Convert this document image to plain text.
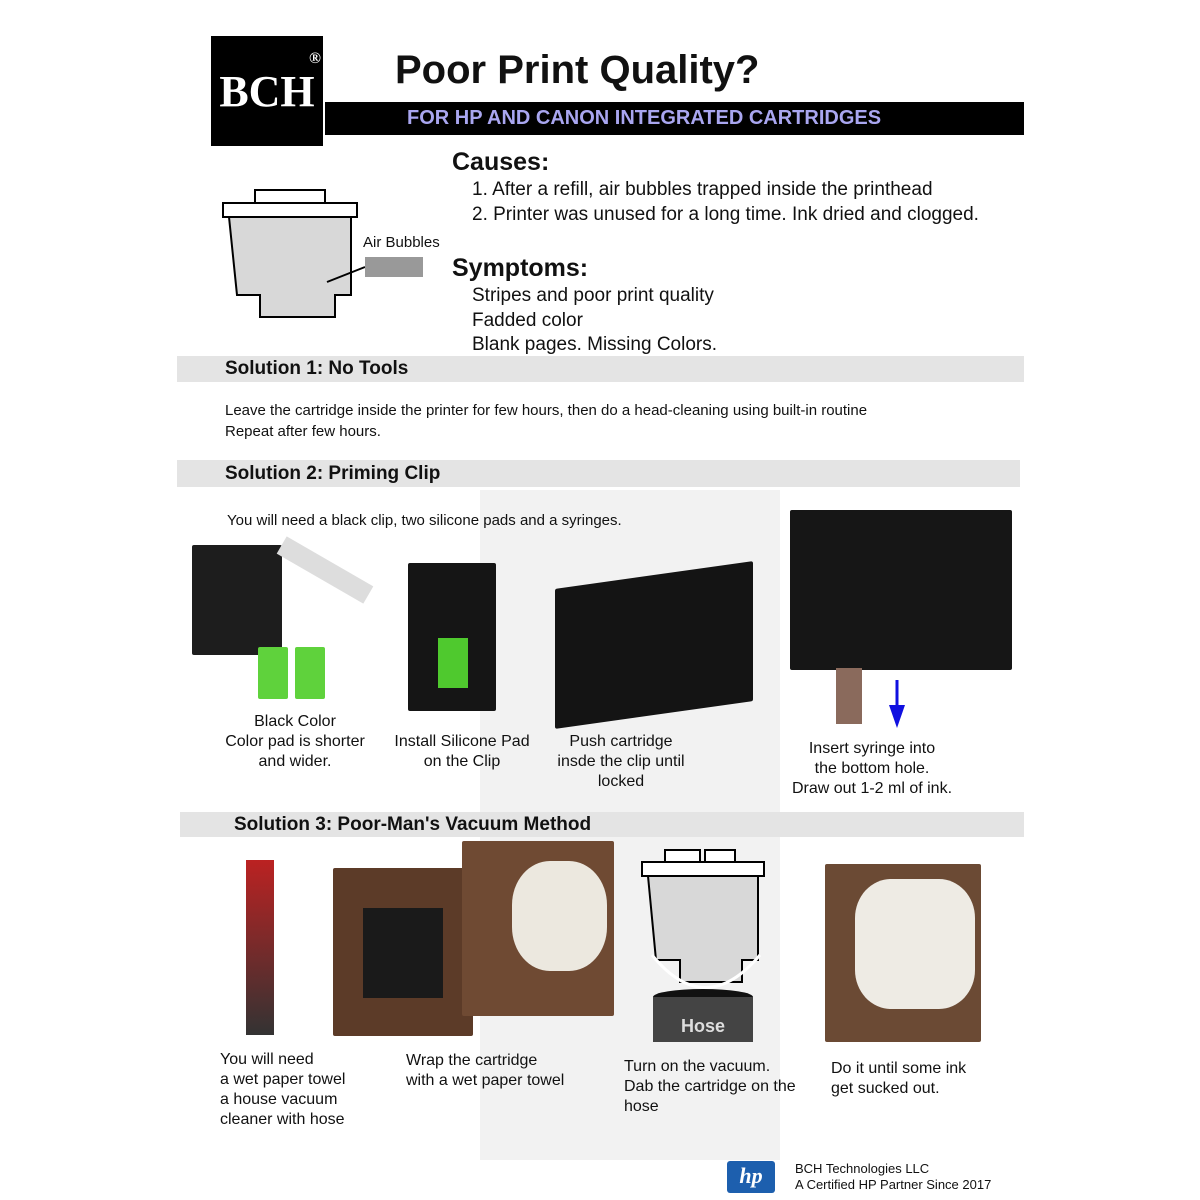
BCH
® Poor Print Quality?
FOR HP AND CANON INTEGRATED CARTRIDGES
Air Bubbles
Causes:
1. After a refill, air bubbles trapped inside the printhead
2. Printer was unused for a long time. Ink dried and clogged.
Symptoms:
Stripes and poor print quality
Fadded color
Blank pages. Missing Colors.
Solution 1: No Tools
Leave the cartridge inside the printer for few hours, then do a head-cleaning using built-in routine
Repeat after few hours.
Solution 2: Priming Clip
You will need a black clip, two silicone pads and a syringes.
Black Color
Color pad is shorter
and wider.
Install Silicone Pad
on the Clip
Push cartridge
insde the clip until
locked
Insert syringe into
the bottom hole.
Draw out 1-2 ml of ink.
Solution 3: Poor-Man's Vacuum Method
Hose
You will need
a wet paper towel
a house vacuum
cleaner with hose
Wrap the cartridge
with a wet paper towel
Turn on the vacuum.
Dab the cartridge on the
hose
Do it until some ink
get sucked out.
hp	BCH Technologies LLC
A Certified HP Partner Since 2017
